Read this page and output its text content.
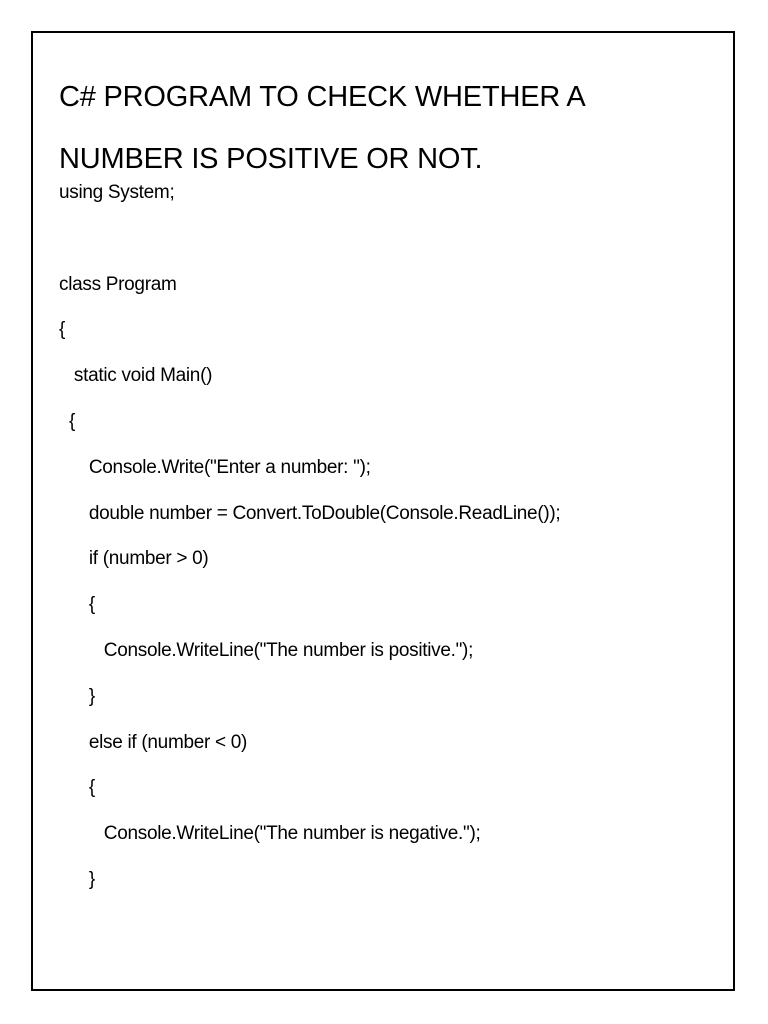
C# PROGRAM TO CHECK WHETHER A
NUMBER IS POSITIVE OR NOT.
using System;
class Program
{
static void Main()
{
Console.Write("Enter a number: ");
double number = Convert.ToDouble(Console.ReadLine());
if (number > 0)
{
Console.WriteLine("The number is positive.");
}
else if (number < 0)
{
Console.WriteLine("The number is negative.");
}
